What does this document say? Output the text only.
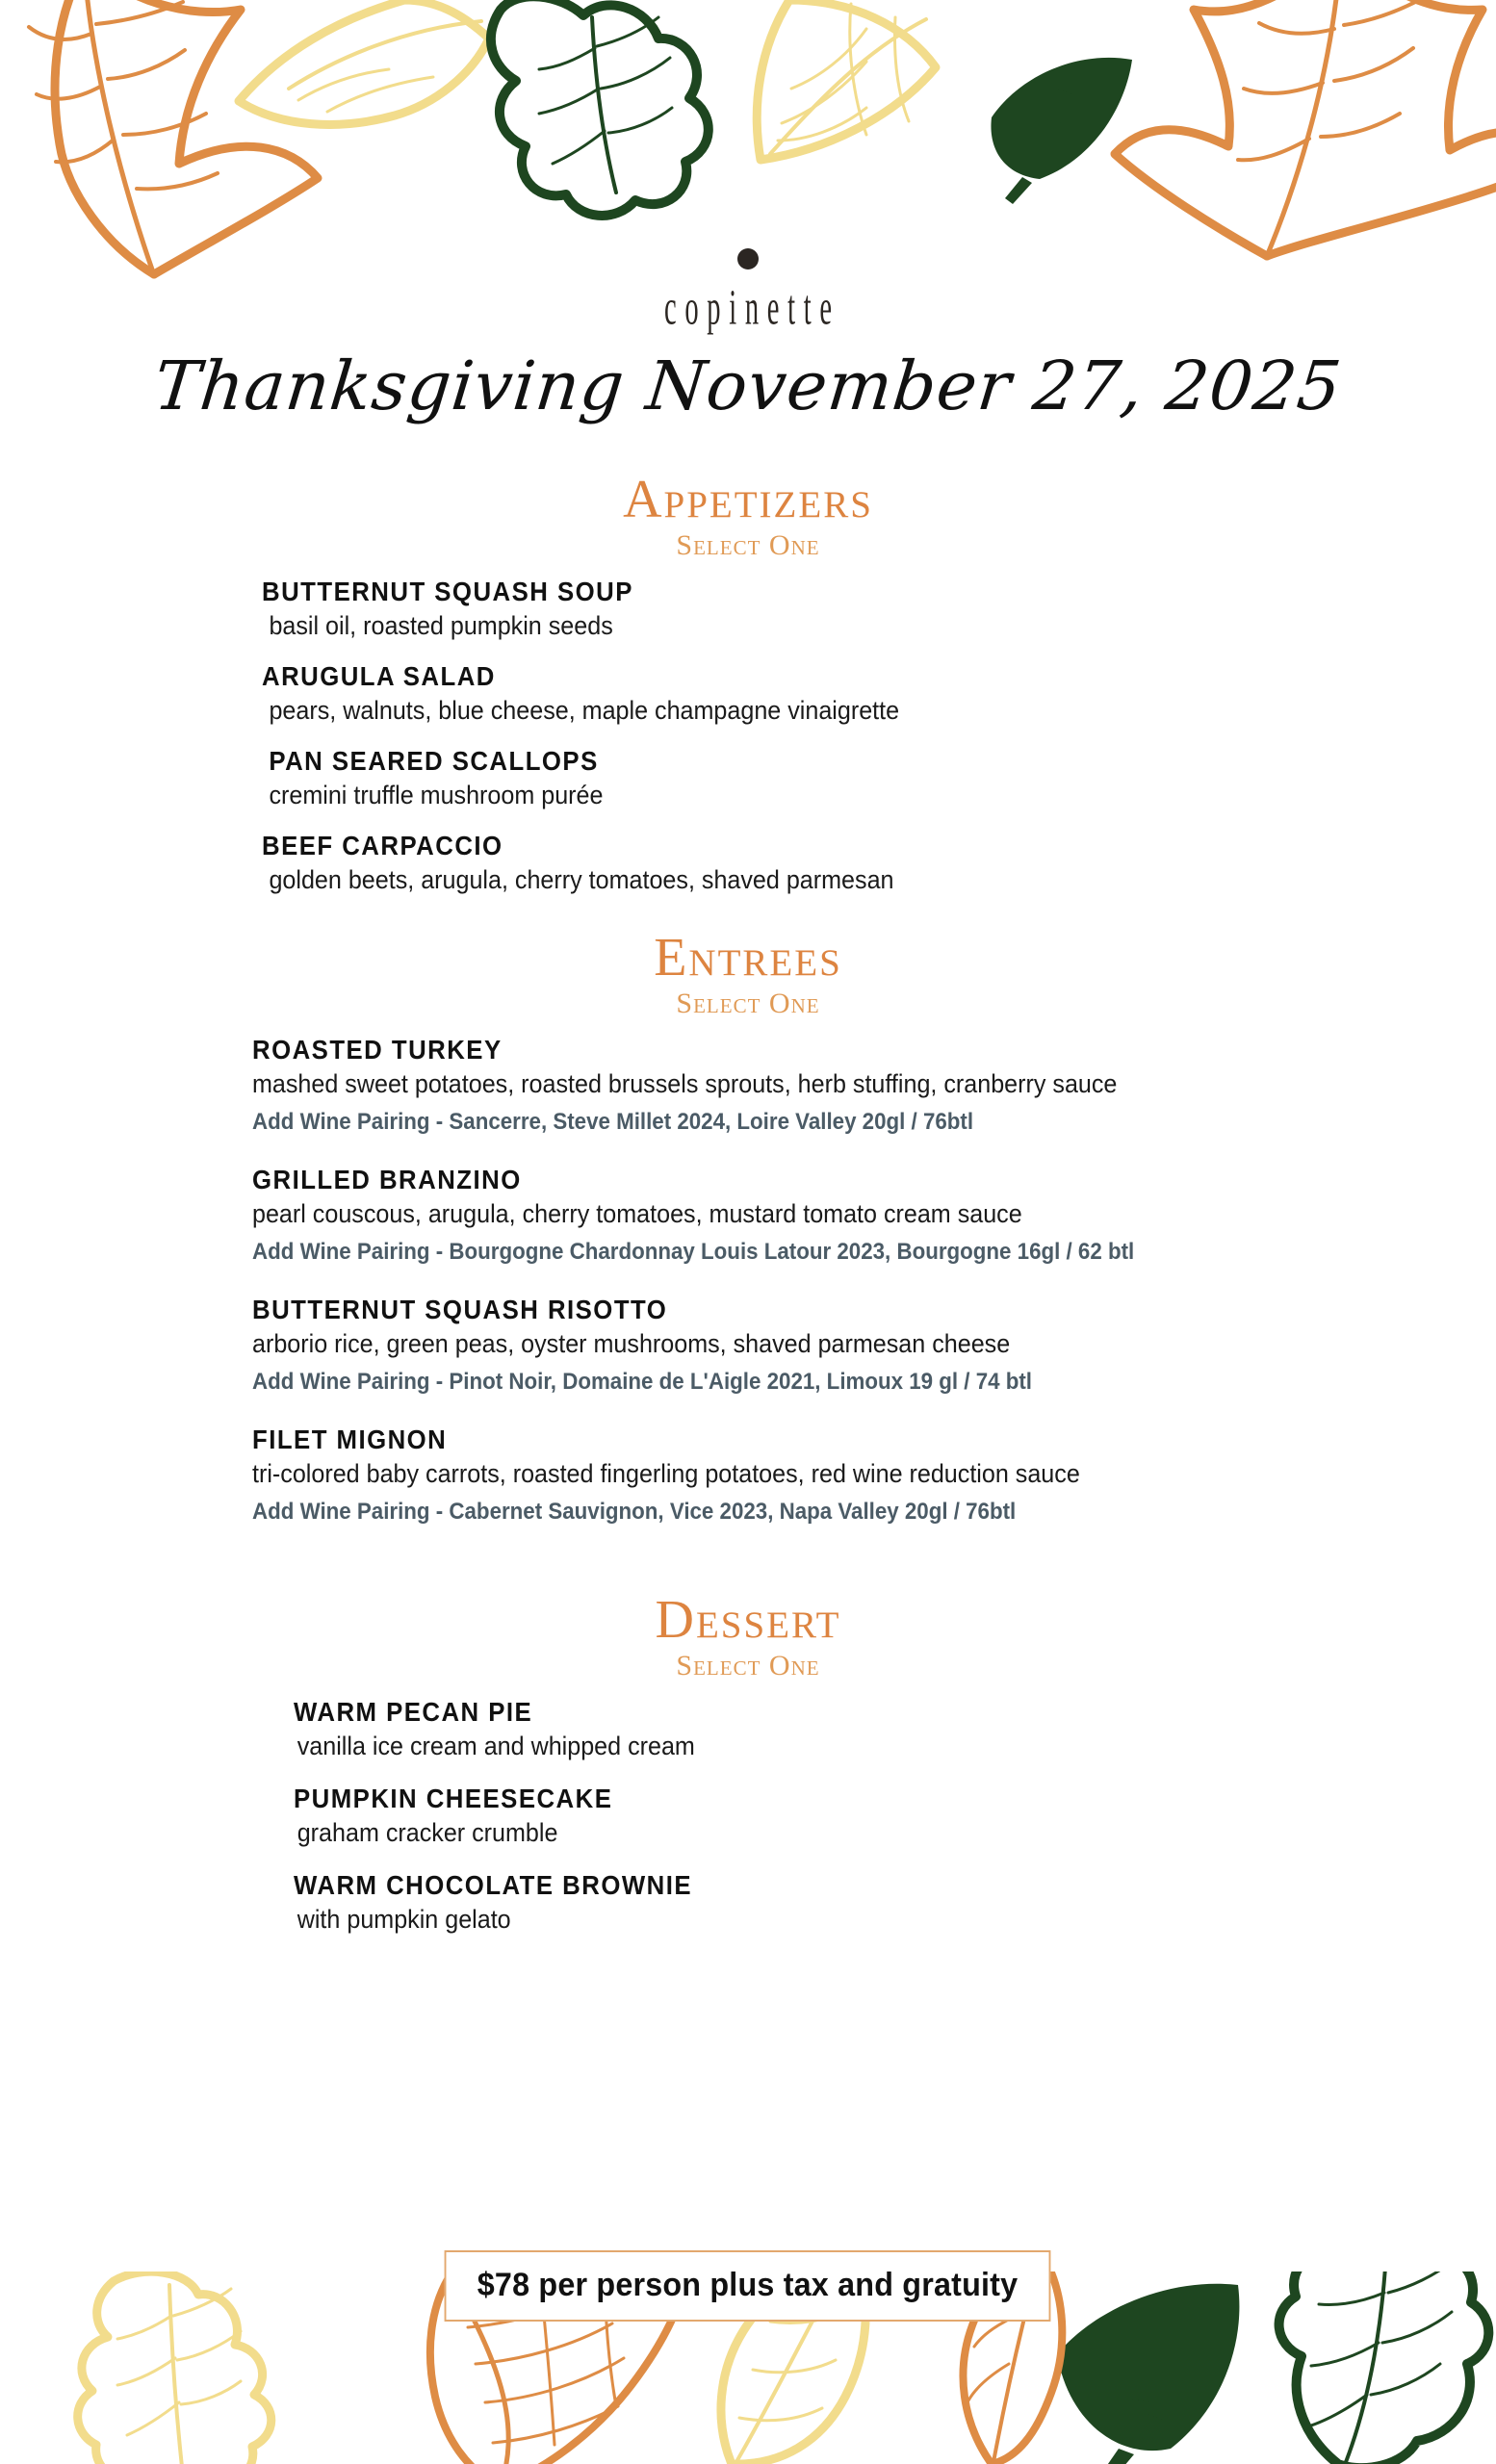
copinette
Thanksgiving November 27, 2025
Appetizers
Select One
BUTTERNUT SQUASH SOUP
basil oil, roasted pumpkin seeds
ARUGULA SALAD
pears, walnuts, blue cheese, maple champagne vinaigrette
PAN SEARED SCALLOPS
cremini truffle mushroom purée
BEEF CARPACCIO
golden beets, arugula, cherry tomatoes, shaved parmesan
Entrees
Select One
ROASTED TURKEY
mashed sweet potatoes, roasted brussels sprouts, herb stuffing, cranberry sauce
Add Wine Pairing - Sancerre, Steve Millet 2024, Loire Valley 20gl / 76btl
GRILLED BRANZINO
pearl couscous, arugula, cherry tomatoes, mustard tomato cream sauce
Add Wine Pairing - Bourgogne Chardonnay Louis Latour 2023, Bourgogne 16gl / 62 btl
BUTTERNUT SQUASH RISOTTO
arborio rice, green peas, oyster mushrooms, shaved parmesan cheese
Add Wine Pairing - Pinot Noir, Domaine de L'Aigle 2021, Limoux 19 gl / 74 btl
FILET MIGNON
tri-colored baby carrots, roasted fingerling potatoes, red wine reduction sauce
Add Wine Pairing - Cabernet Sauvignon, Vice 2023, Napa Valley 20gl / 76btl
Dessert
Select One
WARM PECAN PIE
vanilla ice cream and whipped cream
PUMPKIN CHEESECAKE
graham cracker crumble
WARM CHOCOLATE BROWNIE
with pumpkin gelato
$78 per person plus tax and gratuity
